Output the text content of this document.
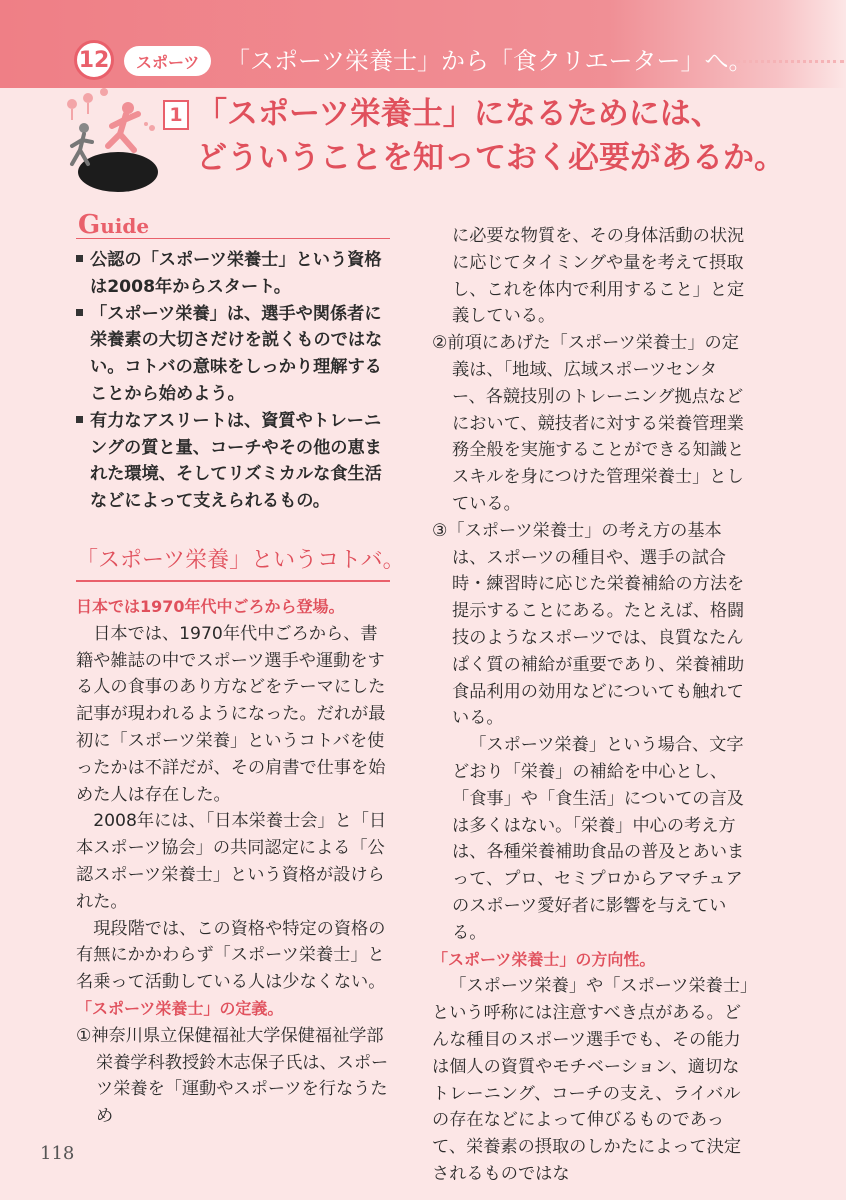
12	スポーツ	「スポーツ栄養士」から「食クリエーター」へ。
1 「スポーツ栄養士」になるためには、
どういうことを知っておく必要があるか。
Guide
公認の「スポーツ栄養士」という資格は2008年からスタート。
「スポーツ栄養」は、選手や関係者に栄養素の大切さだけを説くものではない。コトバの意味をしっかり理解することから始めよう。
有力なアスリートは、資質やトレーニングの質と量、コーチやその他の恵まれた環境、そしてリズミカルな食生活などによって支えられるもの。
「スポーツ栄養」というコトバ。
日本では1970年代中ごろから登場。
日本では、1970年代中ごろから、書籍や雑誌の中でスポーツ選手や運動をする人の食事のあり方などをテーマにした記事が現われるようになった。だれが最初に「スポーツ栄養」というコトバを使ったかは不詳だが、その肩書で仕事を始めた人は存在した。
2008年には、「日本栄養士会」と「日本スポーツ協会」の共同認定による「公認スポーツ栄養士」という資格が設けられた。
現段階では、この資格や特定の資格の有無にかかわらず「スポーツ栄養士」と名乗って活動している人は少なくない。
「スポーツ栄養士」の定義。
①神奈川県立保健福祉大学保健福祉学部栄養学科教授鈴木志保子氏は、スポーツ栄養を「運動やスポーツを行なうため
に必要な物質を、その身体活動の状況に応じてタイミングや量を考えて摂取し、これを体内で利用すること」と定義している。
②前項にあげた「スポーツ栄養士」の定義は、「地域、広域スポーツセンター、各競技別のトレーニング拠点などにおいて、競技者に対する栄養管理業務全般を実施することができる知識とスキルを身につけた管理栄養士」としている。
③「スポーツ栄養士」の考え方の基本は、スポーツの種目や、選手の試合時・練習時に応じた栄養補給の方法を提示することにある。たとえば、格闘技のようなスポーツでは、良質なたんぱく質の補給が重要であり、栄養補助食品利用の効用などについても触れている。
「スポーツ栄養」という場合、文字どおり「栄養」の補給を中心とし、「食事」や「食生活」についての言及は多くはない。「栄養」中心の考え方は、各種栄養補助食品の普及とあいまって、プロ、セミプロからアマチュアのスポーツ愛好者に影響を与えている。
「スポーツ栄養士」の方向性。
「スポーツ栄養」や「スポーツ栄養士」という呼称には注意すべき点がある。どんな種目のスポーツ選手でも、その能力は個人の資質やモチベーション、適切なトレーニング、コーチの支え、ライバルの存在などによって伸びるものであって、栄養素の摂取のしかたによって決定されるものではな
118
